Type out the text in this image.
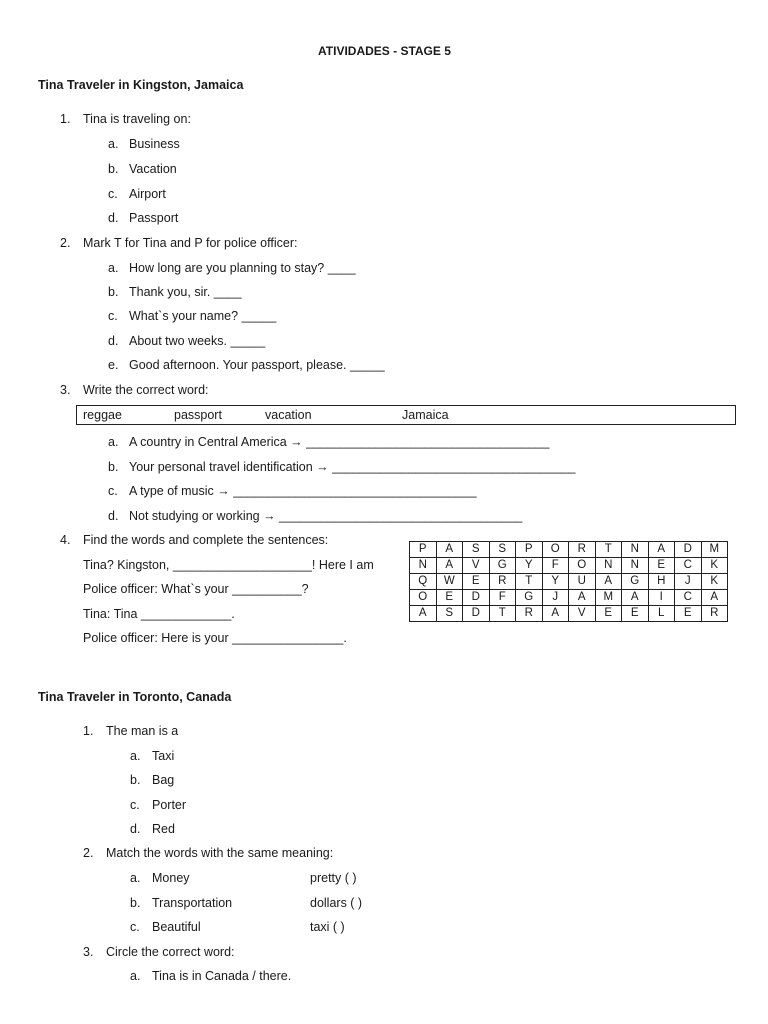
ATIVIDADES - STAGE 5
Tina Traveler in Kingston, Jamaica
1.	Tina is traveling on:
a. Business
b. Vacation
c. Airport
d. Passport
2.	Mark T for Tina and P for police officer:
a. How long are you planning to stay? ____
b. Thank you, sir. ____
c. What`s your name? _____
d. About two weeks. _____
e. Good afternoon. Your passport, please. _____
3.	Write the correct word:
reggae	passport	vacation	Jamaica
a. A country in Central America → ___________________________________
b. Your personal travel identification → ___________________________________
c. A type of music → ___________________________________
d. Not studying or working → ___________________________________
4.	Find the words and complete the sentences:
Tina? Kingston, ____________________! Here I am
Police officer: What`s your __________?
Tina: Tina _____________.
Police officer: Here is your ________________.
P	A	S	S	P	O	R	T	N	A	D	M
N	A	V	G	Y	F	O	N	N	E	C	K
Q	W	E	R	T	Y	U	A	G	H	J	K
O	E	D	F	G	J	A	M	A	I	C	A
A	S	D	T	R	A	V	E	E	L	E	R
Tina Traveler in Toronto, Canada
1.	The man is a
a. Taxi
b. Bag
c. Porter
d. Red
2.	Match the words with the same meaning:
a. Money	pretty ( )
b. Transportation	dollars ( )
c. Beautiful	taxi ( )
3.	Circle the correct word:
a. Tina is in Canada / there.
